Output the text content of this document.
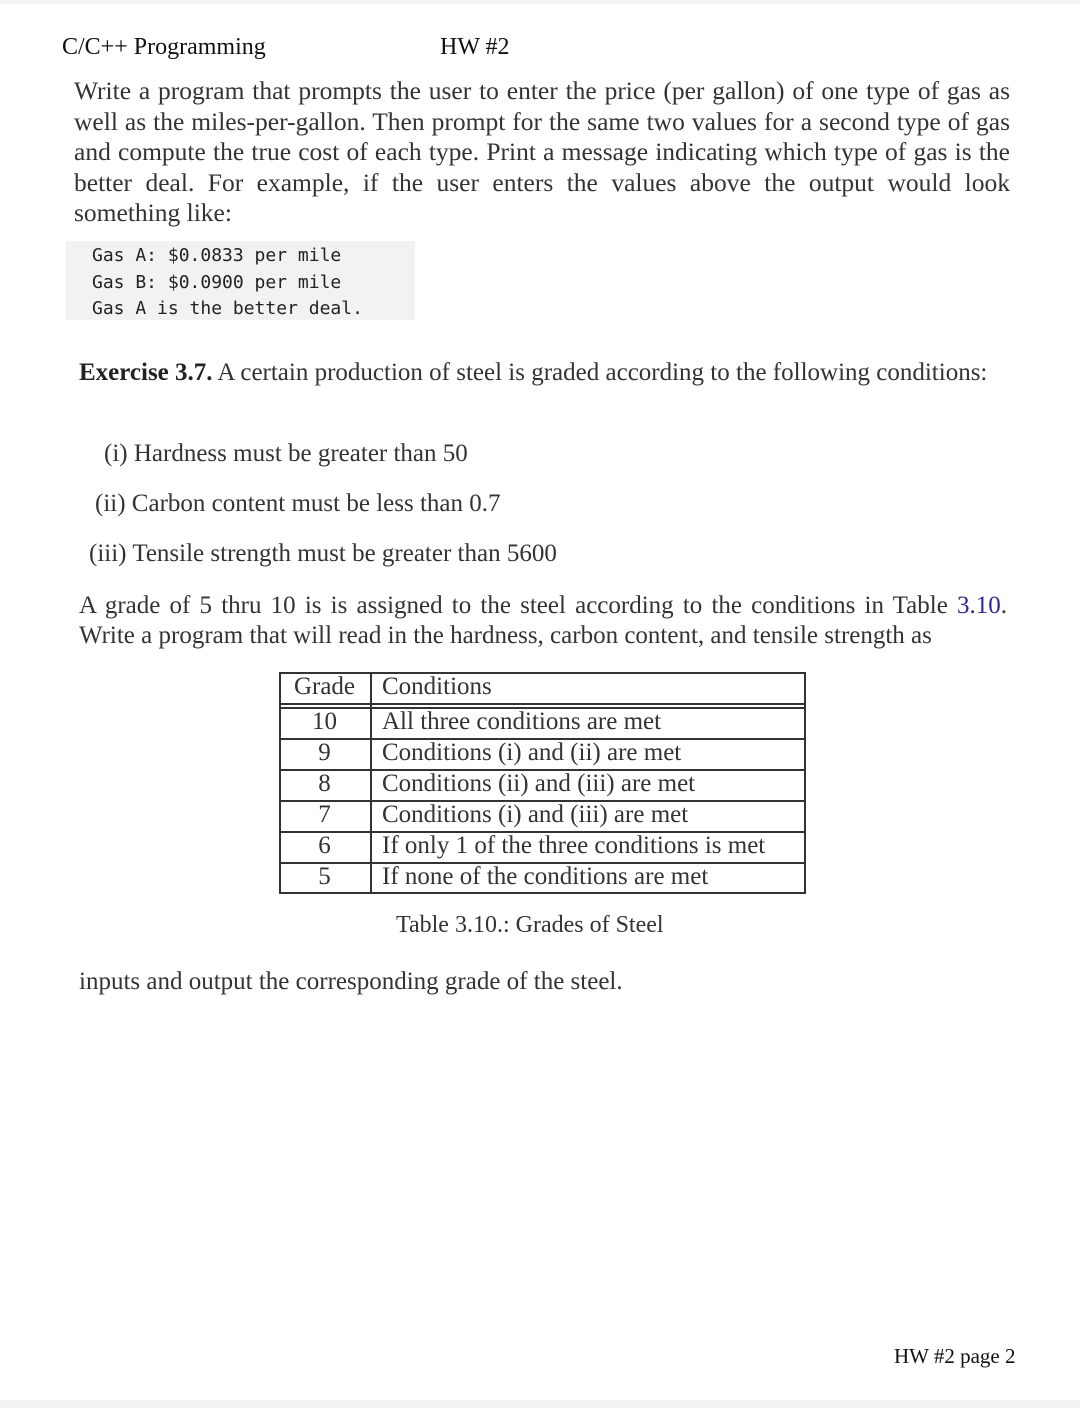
C/C++ Programming	HW #2
Write a program that prompts the user to enter the price (per gallon) of one type of gas as well as the miles-per-gallon. Then prompt for the same two values for a second type of gas and compute the true cost of each type. Print a message indicating which type of gas is the better deal. For example, if the user enters the values above the output would look something like:
Gas A: $0.0833 per mile
Gas B: $0.0900 per mile
Gas A is the better deal.
Exercise 3.7. A certain production of steel is graded according to the following conditions:
(i) Hardness must be greater than 50
(ii) Carbon content must be less than 0.7
(iii) Tensile strength must be greater than 5600
A grade of 5 thru 10 is is assigned to the steel according to the conditions in Table 3.10. Write a program that will read in the hardness, carbon content, and tensile strength as
Grade	Conditions
10	All three conditions are met
9	Conditions (i) and (ii) are met
8	Conditions (ii) and (iii) are met
7	Conditions (i) and (iii) are met
6	If only 1 of the three conditions is met
5	If none of the conditions are met
Table 3.10.: Grades of Steel
inputs and output the corresponding grade of the steel.
HW #2 page 2
